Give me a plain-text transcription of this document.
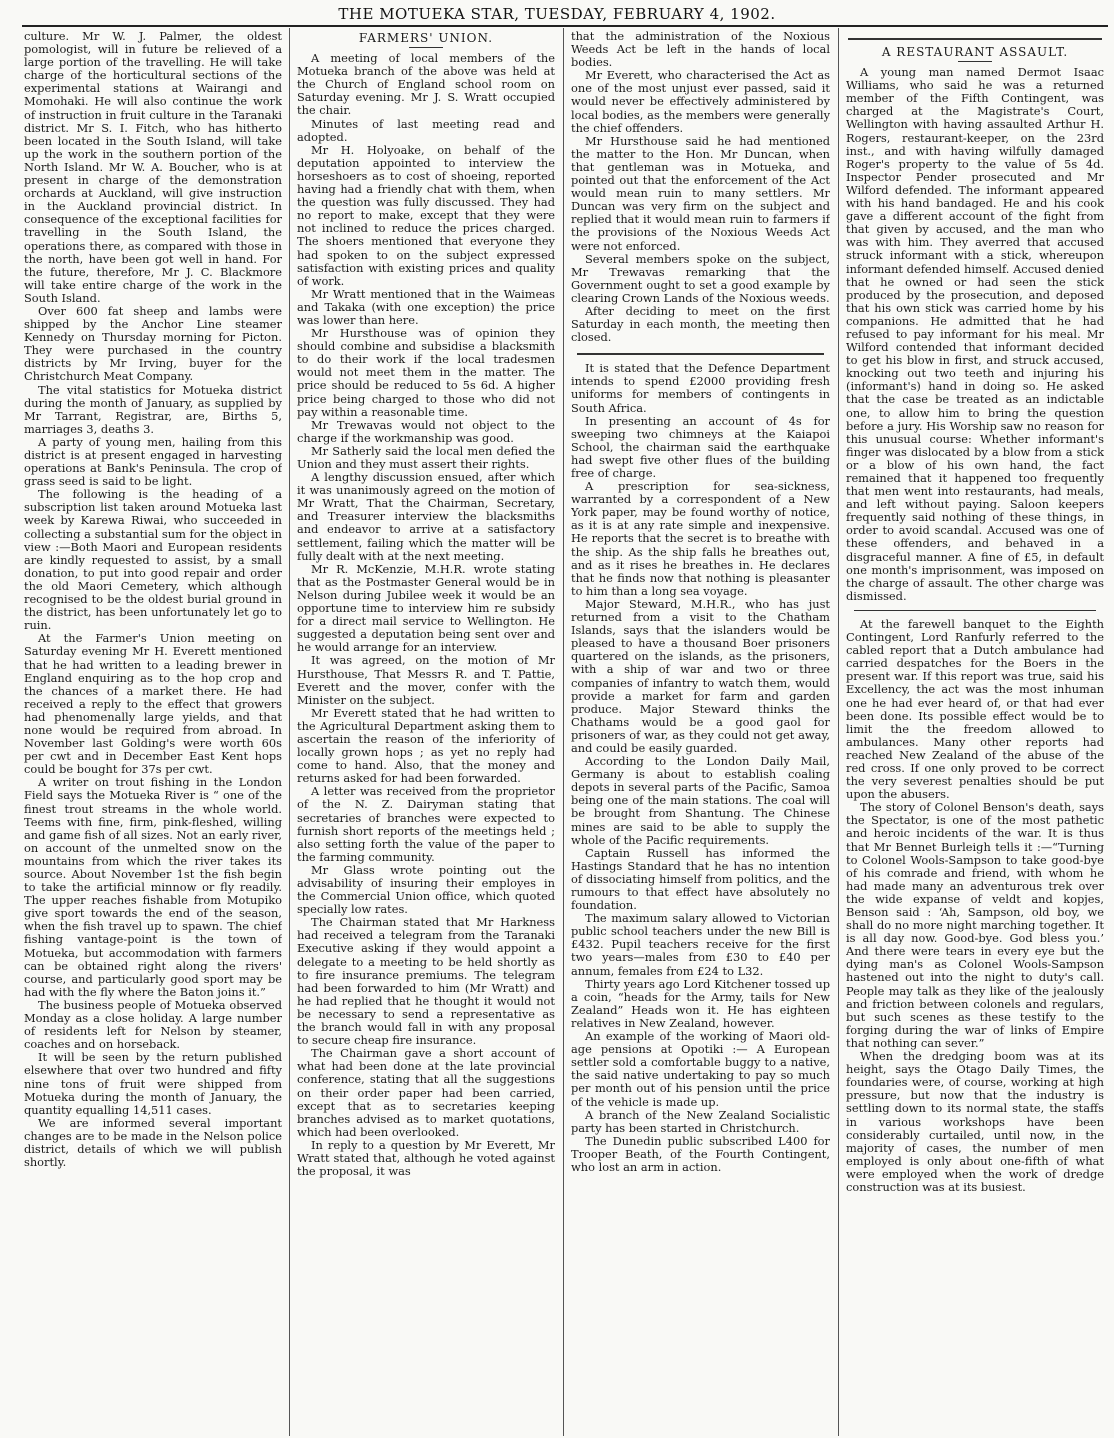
THE MOTUEKA STAR, TUESDAY, FEBRUARY 4, 1902.

culture. Mr W. J. Palmer, the oldest pomologist, will in future be relieved of a large portion of the travelling. He will take charge of the horticultural sections of the experimental stations at Wairangi and Momohaki. He will also continue the work of instruction in fruit culture in the Taranaki district. Mr S. I. Fitch, who has hitherto been located in the South Island, will take up the work in the southern portion of the North Island. Mr W. A. Boucher, who is at present in charge of the demonstration orchards at Auckland, will give instruction in the Auckland provincial district. In consequence of the exceptional facilities for travelling in the South Island, the operations there, as compared with those in the north, have been got well in hand. For the future, therefore, Mr J. C. Blackmore will take entire charge of the work in the South Island.

Over 600 fat sheep and lambs were shipped by the Anchor Line steamer Kennedy on Thursday morning for Picton. They were purchased in the country districts by Mr Irving, buyer for the Christchurch Meat Company.

The vital statistics for Motueka district during the month of January, as supplied by Mr Tarrant, Registrar, are, Births 5, marriages 3, deaths 3.

A party of young men, hailing from this district is at present engaged in harvesting operations at Bank's Peninsula. The crop of grass seed is said to be light.

The following is the heading of a subscription list taken around Motueka last week by Karewa Riwai, who succeeded in collecting a substantial sum for the object in view :—Both Maori and European residents are kindly requested to assist, by a small donation, to put into good repair and order the old Maori Cemetery, which although recognised to be the oldest burial ground in the district, has been unfortunately let go to ruin.

At the Farmer's Union meeting on Saturday evening Mr H. Everett mentioned that he had written to a leading brewer in England enquiring as to the hop crop and the chances of a market there. He had received a reply to the effect that growers had phenomenally large yields, and that none would be required from abroad. In November last Golding's were worth 60s per cwt and in December East Kent hops could be bought for 37s per cwt.

A writer on trout fishing in the London Field says the Motueka River is “ one of the finest trout streams in the whole world. Teems with fine, firm, pink-fleshed, willing and game fish of all sizes. Not an early river, on account of the unmelted snow on the mountains from which the river takes its source. About November 1st the fish begin to take the artificial minnow or fly readily. The upper reaches fishable from Motupiko give sport towards the end of the season, when the fish travel up to spawn. The chief fishing vantage-point is the town of Motueka, but accommodation with farmers can be obtained right along the rivers' course, and particularly good sport may be had with the fly where the Baton joins it.”

The business people of Motueka observed Monday as a close holiday. A large number of residents left for Nelson by steamer, coaches and on horseback.

It will be seen by the return published elsewhere that over two hundred and fifty nine tons of fruit were shipped from Motueka during the month of January, the quantity equalling 14,511 cases.

We are informed several important changes are to be made in the Nelson police district, details of which we will publish shortly.

FARMERS' UNION.

A meeting of local members of the Motueka branch of the above was held at the Church of England school room on Saturday evening. Mr J. S. Wratt occupied the chair.

Minutes of last meeting read and adopted.

Mr H. Holyoake, on behalf of the deputation appointed to interview the horseshoers as to cost of shoeing, reported having had a friendly chat with them, when the question was fully discussed. They had no report to make, except that they were not inclined to reduce the prices charged. The shoers mentioned that everyone they had spoken to on the subject expressed satisfaction with existing prices and quality of work.

Mr Wratt mentioned that in the Waimeas and Takaka (with one exception) the price was lower than here.

Mr Hursthouse was of opinion they should combine and subsidise a blacksmith to do their work if the local tradesmen would not meet them in the matter. The price should be reduced to 5s 6d. A higher price being charged to those who did not pay within a reasonable time.

Mr Trewavas would not object to the charge if the workmanship was good.

Mr Satherly said the local men defied the Union and they must assert their rights.

A lengthy discussion ensued, after which it was unanimously agreed on the motion of Mr Wratt, That the Chairman, Secretary, and Treasurer interview the blacksmiths and endeavor to arrive at a satisfactory settlement, failing which the matter will be fully dealt with at the next meeting.

Mr R. McKenzie, M.H.R. wrote stating that as the Postmaster General would be in Nelson during Jubilee week it would be an opportune time to interview him re subsidy for a direct mail service to Wellington. He suggested a deputation being sent over and he would arrange for an interview.

It was agreed, on the motion of Mr Hursthouse, That Messrs R. and T. Pattie, Everett and the mover, confer with the Minister on the subject.

Mr Everett stated that he had written to the Agricultural Department asking them to ascertain the reason of the inferiority of locally grown hops ; as yet no reply had come to hand. Also, that the money and returns asked for had been forwarded.

A letter was received from the proprietor of the N. Z. Dairyman stating that secretaries of branches were expected to furnish short reports of the meetings held ; also setting forth the value of the paper to the farming community.

Mr Glass wrote pointing out the advisability of insuring their employes in the Commercial Union office, which quoted specially low rates.

The Chairman stated that Mr Harkness had received a telegram from the Taranaki Executive asking if they would appoint a delegate to a meeting to be held shortly as to fire insurance premiums. The telegram had been forwarded to him (Mr Wratt) and he had replied that he thought it would not be necessary to send a representative as the branch would fall in with any proposal to secure cheap fire insurance.

The Chairman gave a short account of what had been done at the late provincial conference, stating that all the suggestions on their order paper had been carried, except that as to secretaries keeping branches advised as to market quotations, which had been overlooked.

In reply to a question by Mr Everett, Mr Wratt stated that, although he voted against the proposal, it was

that the administration of the Noxious Weeds Act be left in the hands of local bodies.

Mr Everett, who characterised the Act as one of the most unjust ever passed, said it would never be effectively administered by local bodies, as the members were generally the chief offenders.

Mr Hursthouse said he had mentioned the matter to the Hon. Mr Duncan, when that gentleman was in Motueka, and pointed out that the enforcement of the Act would mean ruin to many settlers. Mr Duncan was very firm on the subject and replied that it would mean ruin to farmers if the provisions of the Noxious Weeds Act were not enforced.

Several members spoke on the subject, Mr Trewavas remarking that the Government ought to set a good example by clearing Crown Lands of the Noxious weeds.

After deciding to meet on the first Saturday in each month, the meeting then closed.

It is stated that the Defence Department intends to spend £2000 providing fresh uniforms for members of contingents in South Africa.

In presenting an account of 4s for sweeping two chimneys at the Kaiapoi School, the chairman said the earthquake had swept five other flues of the building free of charge.

A prescription for sea-sickness, warranted by a correspondent of a New York paper, may be found worthy of notice, as it is at any rate simple and inexpensive. He reports that the secret is to breathe with the ship. As the ship falls he breathes out, and as it rises he breathes in. He declares that he finds now that nothing is pleasanter to him than a long sea voyage.

Major Steward, M.H.R., who has just returned from a visit to the Chatham Islands, says that the islanders would be pleased to have a thousand Boer prisoners quartered on the islands, as the prisoners, with a ship of war and two or three companies of infantry to watch them, would provide a market for farm and garden produce. Major Steward thinks the Chathams would be a good gaol for prisoners of war, as they could not get away, and could be easily guarded.

According to the London Daily Mail, Germany is about to establish coaling depots in several parts of the Pacific, Samoa being one of the main stations. The coal will be brought from Shantung. The Chinese mines are said to be able to supply the whole of the Pacific requirements.

Captain Russell has informed the Hastings Standard that he has no intention of dissociating himself from politics, and the rumours to that effect have absolutely no foundation.

The maximum salary allowed to Victorian public school teachers under the new Bill is £432. Pupil teachers receive for the first two years—males from £30 to £40 per annum, females from £24 to L32.

Thirty years ago Lord Kitchener tossed up a coin, “heads for the Army, tails for New Zealand” Heads won it. He has eighteen relatives in New Zealand, however.

An example of the working of Maori old-age pensions at Opotiki :— A European settler sold a comfortable buggy to a native, the said native undertaking to pay so much per month out of his pension until the price of the vehicle is made up.

A branch of the New Zealand Socialistic party has been started in Christchurch.

The Dunedin public subscribed L400 for Trooper Beath, of the Fourth Contingent, who lost an arm in action.

A RESTAURANT ASSAULT.

A young man named Dermot Isaac Williams, who said he was a returned member of the Fifth Contingent, was charged at the Magistrate's Court, Wellington with having assaulted Arthur H. Rogers, restaurant-keeper, on the 23rd inst., and with having wilfully damaged Roger's property to the value of 5s 4d. Inspector Pender prosecuted and Mr Wilford defended. The informant appeared with his hand bandaged. He and his cook gave a different account of the fight from that given by accused, and the man who was with him. They averred that accused struck informant with a stick, whereupon informant defended himself. Accused denied that he owned or had seen the stick produced by the prosecution, and deposed that his own stick was carried home by his companions. He admitted that he had refused to pay informant for his meal. Mr Wilford contended that informant decided to get his blow in first, and struck accused, knocking out two teeth and injuring his (informant's) hand in doing so. He asked that the case be treated as an indictable one, to allow him to bring the question before a jury. His Worship saw no reason for this unusual course: Whether informant's finger was dislocated by a blow from a stick or a blow of his own hand, the fact remained that it happened too frequently that men went into restaurants, had meals, and left without paying. Saloon keepers frequently said nothing of these things, in order to avoid scandal. Accused was one of these offenders, and behaved in a disgraceful manner. A fine of £5, in default one month's imprisonment, was imposed on the charge of assault. The other charge was dismissed.

At the farewell banquet to the Eighth Contingent, Lord Ranfurly referred to the cabled report that a Dutch ambulance had carried despatches for the Boers in the present war. If this report was true, said his Excellency, the act was the most inhuman one he had ever heard of, or that had ever been done. Its possible effect would be to limit the the freedom allowed to ambulances. Many other reports had reached New Zealand of the abuse of the red cross. If one only proved to be correct the very severest penalties should be put upon the abusers.

The story of Colonel Benson's death, says the Spectator, is one of the most pathetic and heroic incidents of the war. It is thus that Mr Bennet Burleigh tells it :—“Turning to Colonel Wools-Sampson to take good-bye of his comrade and friend, with whom he had made many an adventurous trek over the wide expanse of veldt and kopjes, Benson said : ‘Ah, Sampson, old boy, we shall do no more night marching together. It is all day now. Good-bye. God bless you.’ And there were tears in every eye but the dying man's as Colonel Wools-Sampson hastened out into the night to duty's call. People may talk as they like of the jealously and friction between colonels and regulars, but such scenes as these testify to the forging during the war of links of Empire that nothing can sever.”

When the dredging boom was at its height, says the Otago Daily Times, the foundaries were, of course, working at high pressure, but now that the industry is settling down to its normal state, the staffs in various workshops have been considerably curtailed, until now, in the majority of cases, the number of men employed is only about one-fifth of what were employed when the work of dredge construction was at its busiest.
